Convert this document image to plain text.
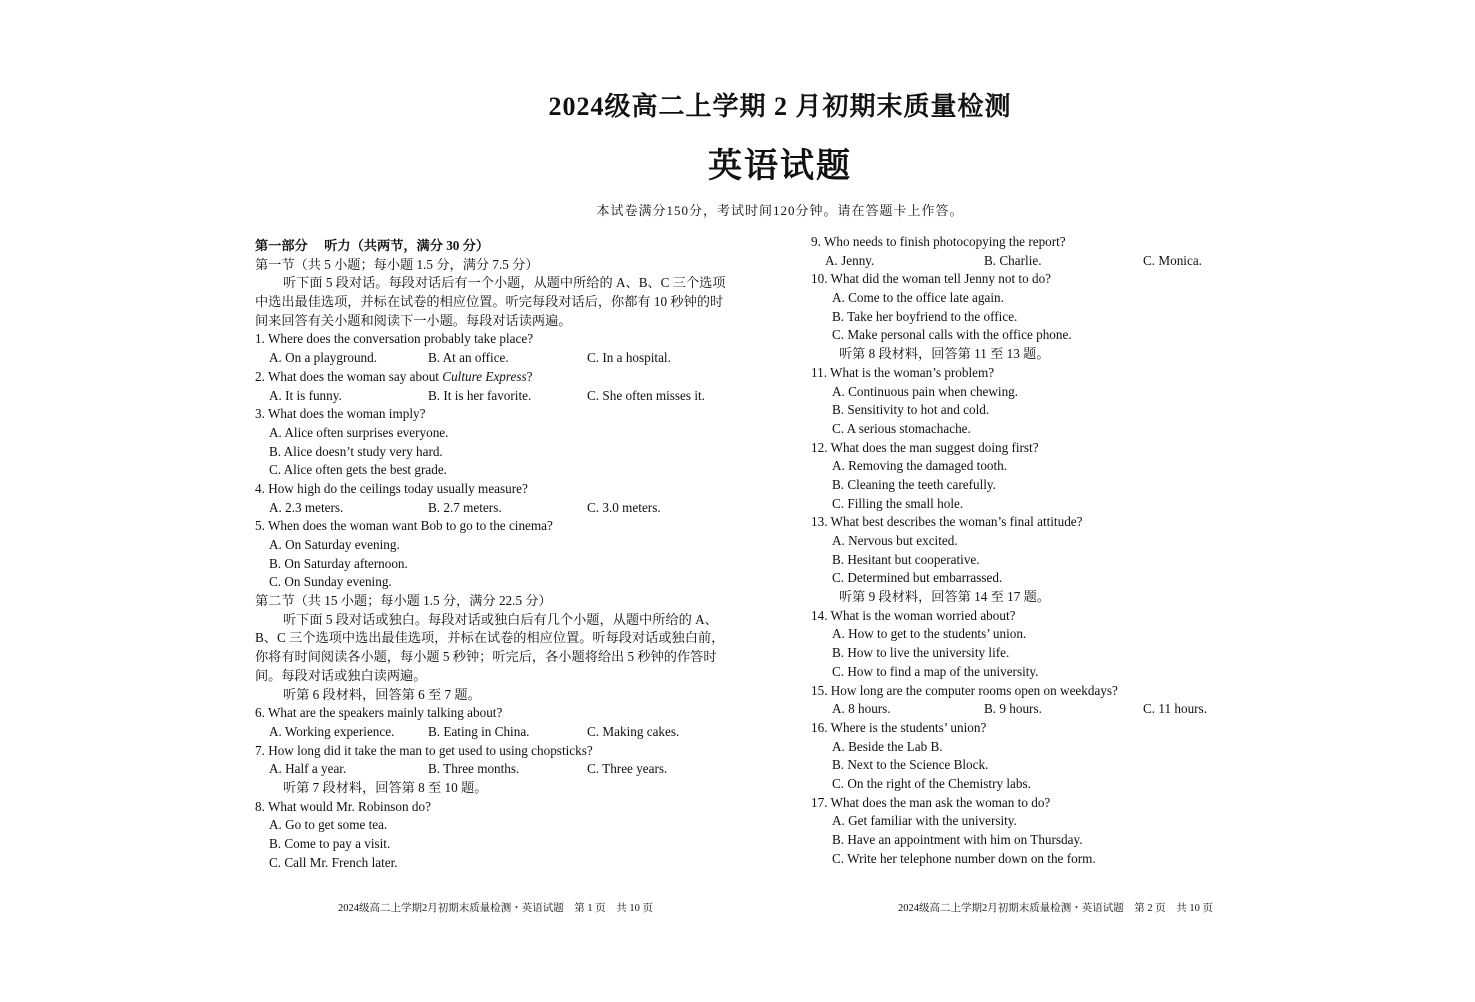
2024级高二上学期 2 月初期末质量检测
英语试题
本试卷满分150分，考试时间120分钟。请在答题卡上作答。
第一部分　 听力（共两节，满分 30 分）
第一节（共 5 小题；每小题 1.5 分，满分 7.5 分）
听下面 5 段对话。每段对话后有一个小题，从题中所给的 A、B、C 三个选项
中选出最佳选项，并标在试卷的相应位置。听完每段对话后，你都有 10 秒钟的时
间来回答有关小题和阅读下一小题。每段对话读两遍。
1. Where does the conversation probably take place?
A. On a playground.	B. At an office.	C. In a hospital.
2. What does the woman say about Culture Express?
A. It is funny.	B. It is her favorite.	C. She often misses it.
3. What does the woman imply?
A. Alice often surprises everyone.
B. Alice doesn’t study very hard.
C. Alice often gets the best grade.
4. How high do the ceilings today usually measure?
A. 2.3 meters.	B. 2.7 meters.	C. 3.0 meters.
5. When does the woman want Bob to go to the cinema?
A. On Saturday evening.
B. On Saturday afternoon.
C. On Sunday evening.
第二节（共 15 小题；每小题 1.5 分，满分 22.5 分）
听下面 5 段对话或独白。每段对话或独白后有几个小题，从题中所给的 A、
B、C 三个选项中选出最佳选项，并标在试卷的相应位置。听每段对话或独白前，
你将有时间阅读各小题，每小题 5 秒钟；听完后，各小题将给出 5 秒钟的作答时
间。每段对话或独白读两遍。
听第 6 段材料，回答第 6 至 7 题。
6. What are the speakers mainly talking about?
A. Working experience.	B. Eating in China.	C. Making cakes.
7. How long did it take the man to get used to using chopsticks?
A. Half a year.	B. Three months.	C. Three years.
听第 7 段材料，回答第 8 至 10 题。
8. What would Mr. Robinson do?
A. Go to get some tea.
B. Come to pay a visit.
C. Call Mr. French later.
9. Who needs to finish photocopying the report?
A. Jenny.	B. Charlie.	C. Monica.
10. What did the woman tell Jenny not to do?
A. Come to the office late again.
B. Take her boyfriend to the office.
C. Make personal calls with the office phone.
听第 8 段材料，回答第 11 至 13 题。
11. What is the woman’s problem?
A. Continuous pain when chewing.
B. Sensitivity to hot and cold.
C. A serious stomachache.
12. What does the man suggest doing first?
A. Removing the damaged tooth.
B. Cleaning the teeth carefully.
C. Filling the small hole.
13. What best describes the woman’s final attitude?
A. Nervous but excited.
B. Hesitant but cooperative.
C. Determined but embarrassed.
听第 9 段材料，回答第 14 至 17 题。
14. What is the woman worried about?
A. How to get to the students’ union.
B. How to live the university life.
C. How to find a map of the university.
15. How long are the computer rooms open on weekdays?
A. 8 hours.	B. 9 hours.	C. 11 hours.
16. Where is the students’ union?
A. Beside the Lab B.
B. Next to the Science Block.
C. On the right of the Chemistry labs.
17. What does the man ask the woman to do?
A. Get familiar with the university.
B. Have an appointment with him on Thursday.
C. Write her telephone number down on the form.
2024级高二上学期2月初期末质量检测・英语试题　第 1 页　共 10 页	2024级高二上学期2月初期末质量检测・英语试题　第 2 页　共 10 页
